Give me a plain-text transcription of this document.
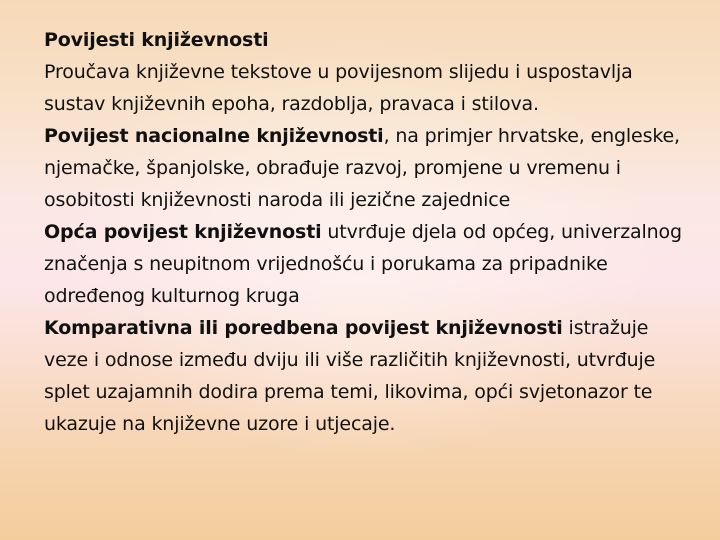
Povijesti književnosti

Proučava književne tekstove u povijesnom slijedu i uspostavlja sustav književnih epoha, razdoblja, pravaca i stilova.

Povijest nacionalne književnosti, na primjer hrvatske, engleske, njemačke, španjolske, obrađuje razvoj, promjene u vremenu i osobitosti književnosti naroda ili jezične zajednice

Opća povijest književnosti utvrđuje djela od općeg, univerzalnog značenja s neupitnom vrijednošću i porukama za pripadnike određenog kulturnog kruga

Komparativna ili poredbena povijest književnosti istražuje veze i odnose između dviju ili više različitih književnosti, utvrđuje splet uzajamnih dodira prema temi, likovima, opći svjetonazor te ukazuje na književne uzore i utjecaje.
